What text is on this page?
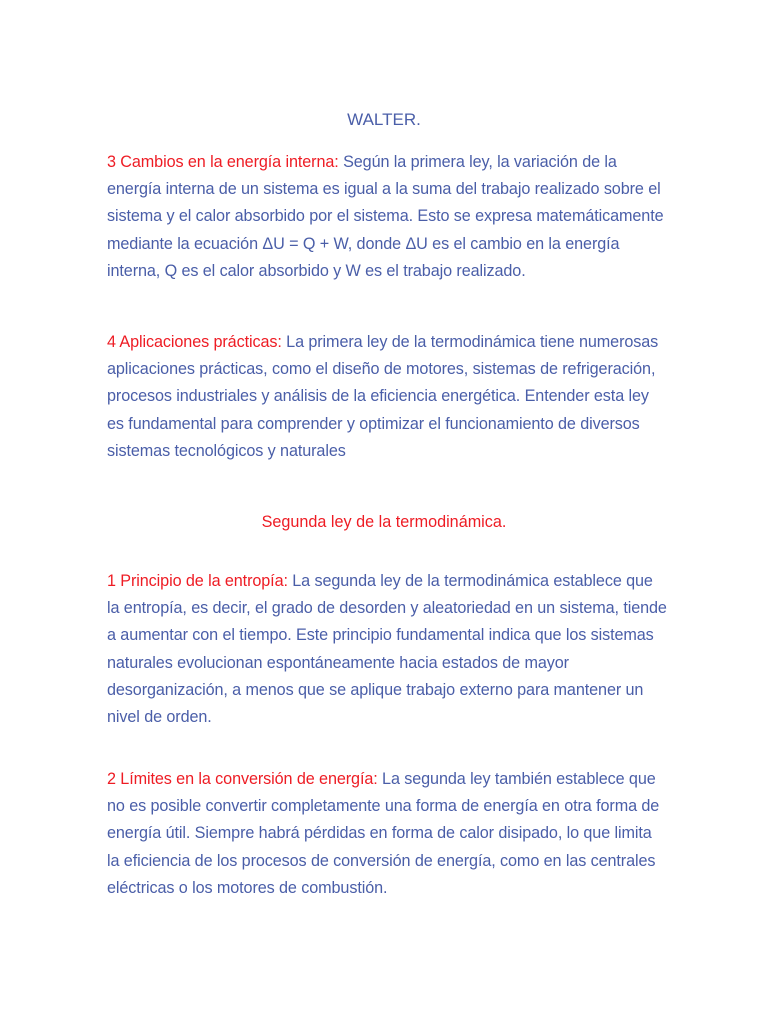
WALTER.

3 Cambios en la energía interna: Según la primera ley, la variación de la energía interna de un sistema es igual a la suma del trabajo realizado sobre el sistema y el calor absorbido por el sistema. Esto se expresa matemáticamente mediante la ecuación ΔU = Q + W, donde ΔU es el cambio en la energía interna, Q es el calor absorbido y W es el trabajo realizado.

4 Aplicaciones prácticas: La primera ley de la termodinámica tiene numerosas aplicaciones prácticas, como el diseño de motores, sistemas de refrigeración, procesos industriales y análisis de la eficiencia energética. Entender esta ley es fundamental para comprender y optimizar el funcionamiento de diversos sistemas tecnológicos y naturales

Segunda ley de la termodinámica.

1 Principio de la entropía: La segunda ley de la termodinámica establece que la entropía, es decir, el grado de desorden y aleatoriedad en un sistema, tiende a aumentar con el tiempo. Este principio fundamental indica que los sistemas naturales evolucionan espontáneamente hacia estados de mayor desorganización, a menos que se aplique trabajo externo para mantener un nivel de orden.

2 Límites en la conversión de energía: La segunda ley también establece que no es posible convertir completamente una forma de energía en otra forma de energía útil. Siempre habrá pérdidas en forma de calor disipado, lo que limita la eficiencia de los procesos de conversión de energía, como en las centrales eléctricas o los motores de combustión.
